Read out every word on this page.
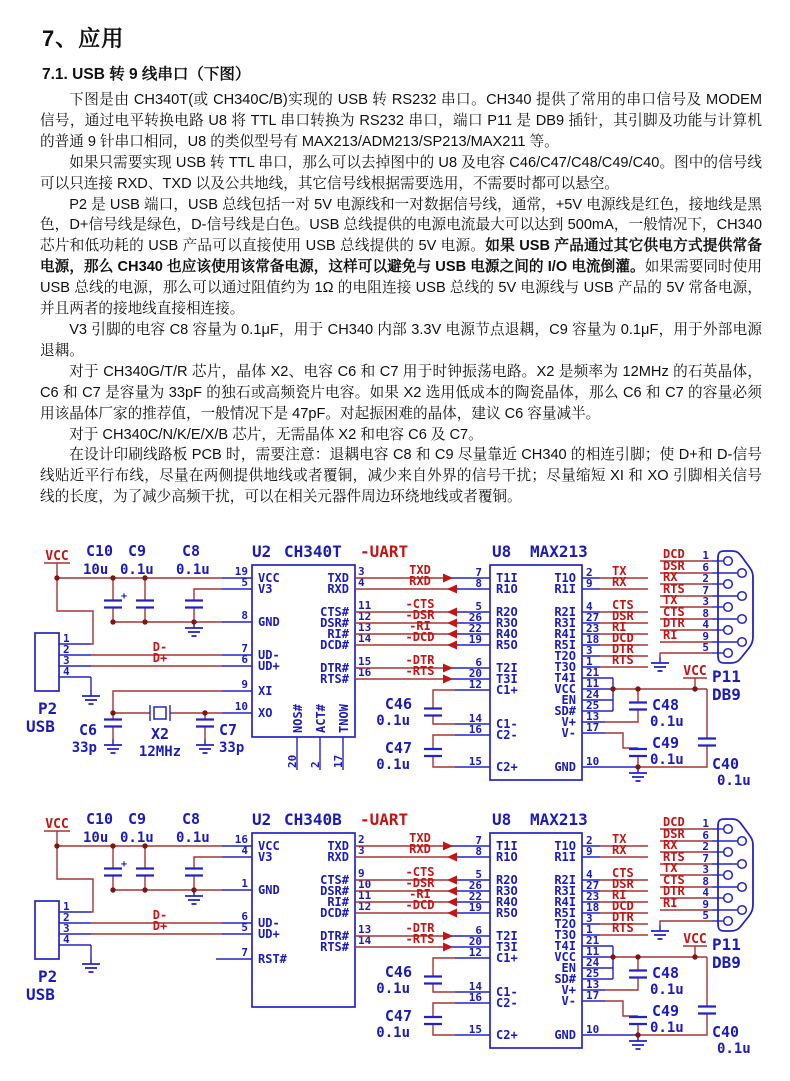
7、应用
7.1. USB 转 9 线串口（下图）

下图是由 CH340T(或 CH340C/B)实现的 USB 转 RS232 串口。CH340 提供了常用的串口信号及 MODEM 信号，通过电平转换电路 U8 将 TTL 串口转换为 RS232 串口，端口 P11 是 DB9 插针，其引脚及功能与计算机的普通 9 针串口相同，U8 的类似型号有 MAX213/ADM213/SP213/MAX211 等。

如果只需要实现 USB 转 TTL 串口，那么可以去掉图中的 U8 及电容 C46/C47/C48/C49/C40。图中的信号线可以只连接 RXD、TXD 以及公共地线，其它信号线根据需要选用，不需要时都可以悬空。

P2 是 USB 端口，USB 总线包括一对 5V 电源线和一对数据信号线，通常，+5V 电源线是红色，接地线是黑色，D+信号线是绿色，D-信号线是白色。USB 总线提供的电源电流最大可以达到 500mA，一般情况下，CH340 芯片和低功耗的 USB 产品可以直接使用 USB 总线提供的 5V 电源。如果 USB 产品通过其它供电方式提供常备电源，那么 CH340 也应该使用该常备电源，这样可以避免与 USB 电源之间的 I/O 电流倒灌。如果需要同时使用 USB 总线的电源，那么可以通过阻值约为 1Ω 的电阻连接 USB 总线的 5V 电源线与 USB 产品的 5V 常备电源，并且两者的接地线直接相连接。

V3 引脚的电容 C8 容量为 0.1μF，用于 CH340 内部 3.3V 电源节点退耦，C9 容量为 0.1μF，用于外部电源退耦。

对于 CH340G/T/R 芯片，晶体 X2、电容 C6 和 C7 用于时钟振荡电路。X2 是频率为 12MHz 的石英晶体，C6 和 C7 是容量为 33pF 的独石或高频瓷片电容。如果 X2 选用低成本的陶瓷晶体，那么 C6 和 C7 的容量必须用该晶体厂家的推荐值，一般情况下是 47pF。对起振困难的晶体，建议 C6 容量减半。

对于 CH340C/N/K/E/X/B 芯片，无需晶体 X2 和电容 C6 及 C7。

在设计印刷线路板 PCB 时，需要注意：退耦电容 C8 和 C9 尽量靠近 CH340 的相连引脚；使 D+和 D-信号线贴近平行布线，尽量在两侧提供地线或者覆铜，减少来自外界的信号干扰；尽量缩短 XI 和 XO 引脚相关信号线的长度，为了减少高频干扰，可以在相关元器件周边环绕地线或者覆铜。

U2 CH340T -UART
VCC C10 C9 C8
10u 0.1u 0.1u
+
19
5
8
7
6
9
10
VCC
V3
GND
UD-
UD+
XI
XO
3
4
11
12
13
14
15
16
TXD
RXD
CTS#
DSR#
RI#
DCD#
DTR#
RTS#
NOS# ACT# TNOW
20 2 17
1
2
3
4
D-
D+
P2
USB	X2
12MHz
C6
33p
C7
33p
TXD
RXD
-CTS
-DSR
-RI
-DCD
-DTR
-RTS
U8 MAX213
7
8
5
26
22
19
6
20
12
14
16
15
T1I
R1O
R2O
R3O
R4O
R5O
T2I
T3I
C1+
C1-
C2-
C2+
T1O
R1I
R2I
R3I
R4I
R5I
T2O
T3O
T4I
VCC
EN
SD#
V+
V-
GND
2
9
4
27
23
18
3
1
21
11
24
25
13
17
10
TX
RX
CTS
DSR
RI
DCD
DTR
RTS
C46
0.1u
C47
0.1u
VCC
C48
0.1u
C49
0.1u C40
0.1u
P11
DB9
DCD
DSR
RX
RTS
TX
CTS
DTR
RI
1
6
2
7
3
8
4
9
5
U2 CH340B -UART
VCC C10 C9 C8
10u 0.1u 0.1u
+
16
4
1
6
5
7
VCC
V3
GND
UD-
UD+
RST#
2
3
9
10
11
12
13
14
TXD
RXD
CTS#
DSR#
RI#
DCD#
DTR#
RTS#
1
2
3
4
D-
D+
P2
USB
TXD
RXD
-CTS
-DSR
-RI
-DCD
-DTR
-RTS
U8 MAX213
7
8
5
26
22
19
6
20
12
14
16
15
T1I
R1O
R2O
R3O
R4O
R5O
T2I
T3I
C1+
C1-
C2-
C2+
T1O
R1I
R2I
R3I
R4I
R5I
T2O
T3O
T4I
VCC
EN
SD#
V+
V-
GND
2
9
4
27
23
18
3
1
21
11
24
25
13
17
10
TX
RX
CTS
DSR
RI
DCD
DTR
RTS
C46
0.1u
C47
0.1u
VCC
C48
0.1u
C49
0.1u C40
0.1u
P11
DB9
DCD
DSR
RX
RTS
TX
CTS
DTR
RI
1
6
2
7
3
8
4
9
5
